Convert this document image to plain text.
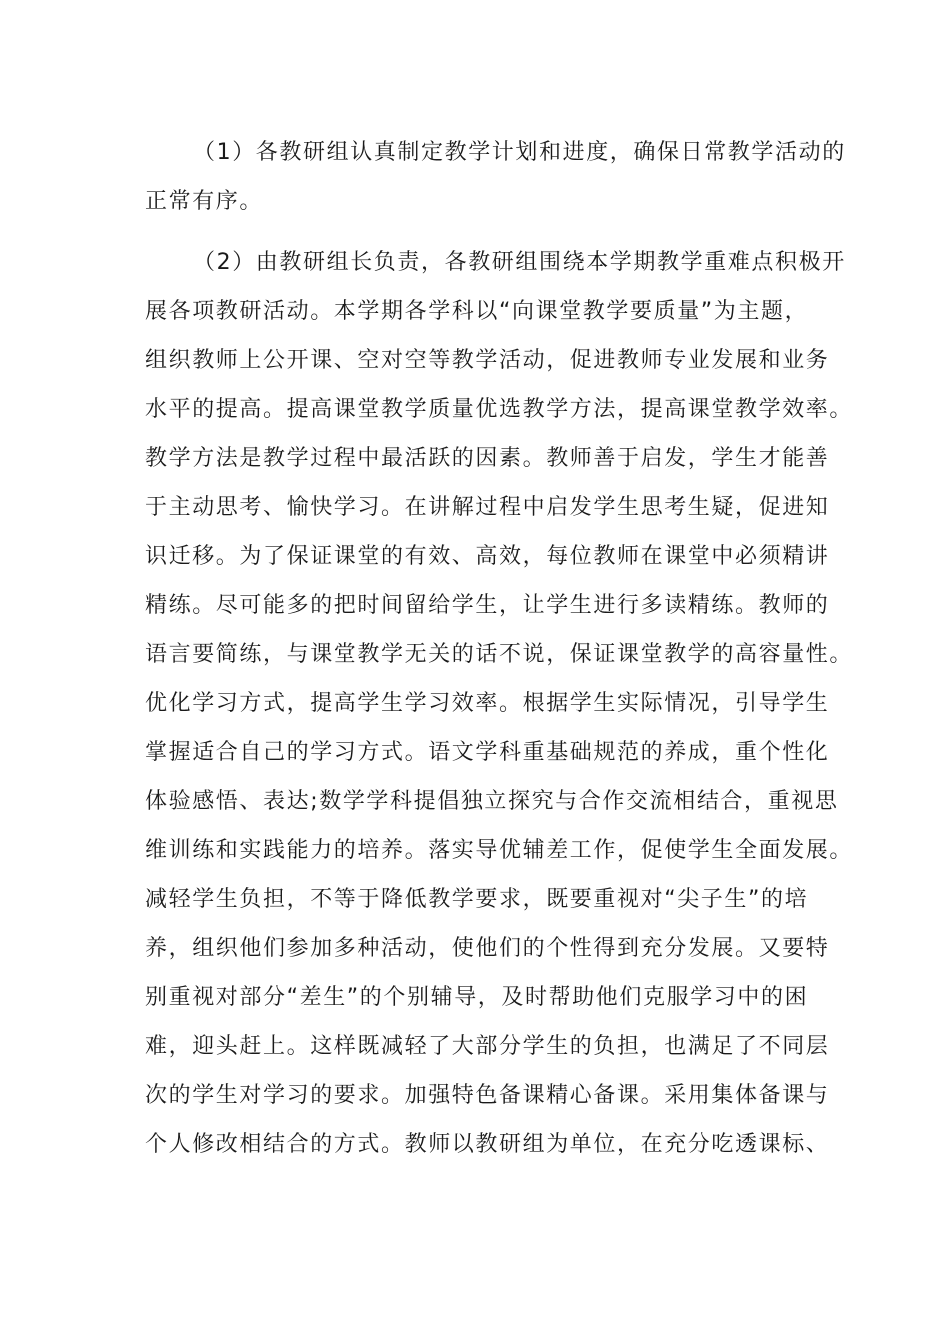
（1）各教研组认真制定教学计划和进度，确保日常教学活动的
正常有序。
（2）由教研组长负责，各教研组围绕本学期教学重难点积极开
展各项教研活动。本学期各学科以“向课堂教学要质量”为主题，
组织教师上公开课、空对空等教学活动，促进教师专业发展和业务
水平的提高。提高课堂教学质量优选教学方法，提高课堂教学效率。
教学方法是教学过程中最活跃的因素。教师善于启发，学生才能善
于主动思考、愉快学习。在讲解过程中启发学生思考生疑，促进知
识迁移。为了保证课堂的有效、高效，每位教师在课堂中必须精讲
精练。尽可能多的把时间留给学生，让学生进行多读精练。教师的
语言要简练，与课堂教学无关的话不说，保证课堂教学的高容量性。
优化学习方式，提高学生学习效率。根据学生实际情况，引导学生
掌握适合自己的学习方式。语文学科重基础规范的养成，重个性化
体验感悟、表达;数学学科提倡独立探究与合作交流相结合，重视思
维训练和实践能力的培养。落实导优辅差工作，促使学生全面发展。
减轻学生负担，不等于降低教学要求，既要重视对“尖子生”的培
养，组织他们参加多种活动，使他们的个性得到充分发展。又要特
别重视对部分“差生”的个别辅导，及时帮助他们克服学习中的困
难，迎头赶上。这样既减轻了大部分学生的负担，也满足了不同层
次的学生对学习的要求。加强特色备课精心备课。采用集体备课与
个人修改相结合的方式。教师以教研组为单位，在充分吃透课标、
